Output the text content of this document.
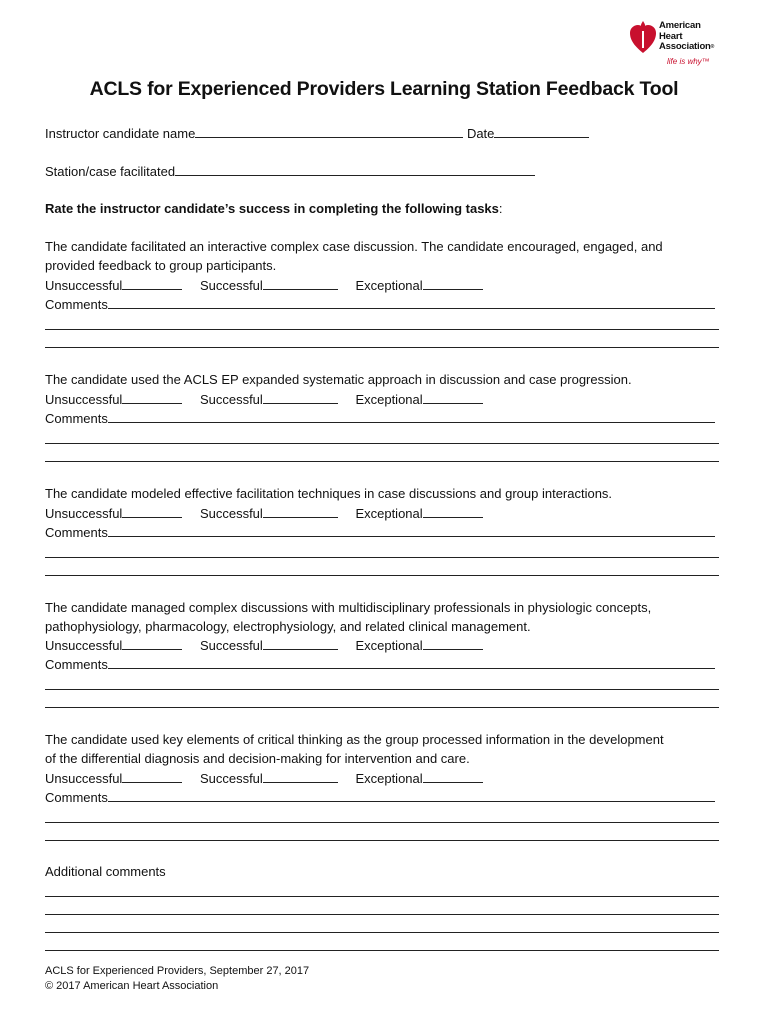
American
Heart
Association®
life is why™
ACLS for Experienced Providers Learning Station Feedback Tool
Instructor candidate name	Date
Station/case facilitated
Rate the instructor candidate’s success in completing the following tasks:
The candidate facilitated an interactive complex case discussion. The candidate encouraged, engaged, and
provided feedback to group participants.
Unsuccessful	Successful	Exceptional
Comments
The candidate used the ACLS EP expanded systematic approach in discussion and case progression.
Unsuccessful	Successful	Exceptional
Comments
The candidate modeled effective facilitation techniques in case discussions and group interactions.
Unsuccessful	Successful	Exceptional
Comments
The candidate managed complex discussions with multidisciplinary professionals in physiologic concepts,
pathophysiology, pharmacology, electrophysiology, and related clinical management.
Unsuccessful	Successful	Exceptional
Comments
The candidate used key elements of critical thinking as the group processed information in the development
of the differential diagnosis and decision-making for intervention and care.
Unsuccessful	Successful	Exceptional
Comments
Additional comments
ACLS for Experienced Providers, September 27, 2017
© 2017 American Heart Association
